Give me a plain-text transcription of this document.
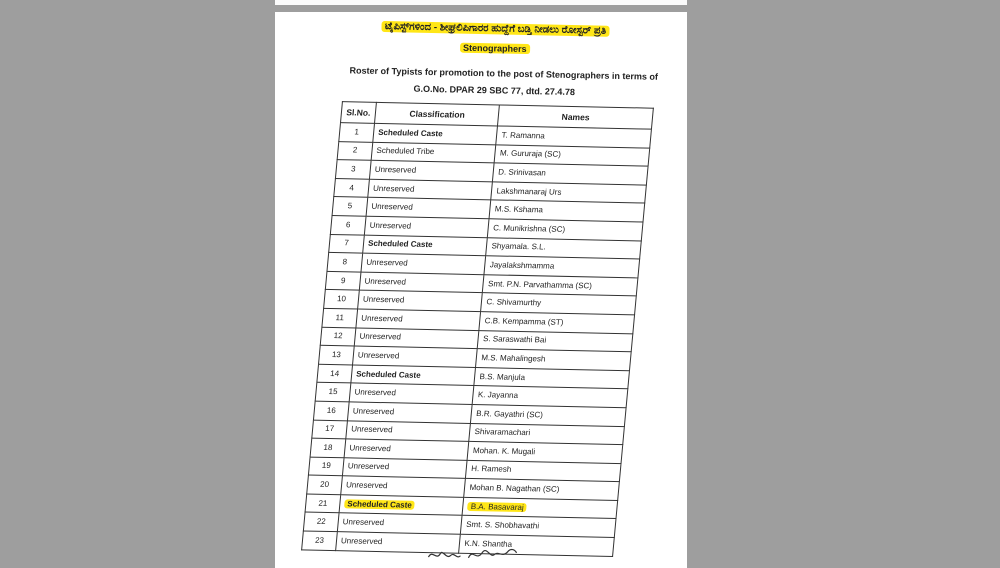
ಟೈಪಿಸ್ಟ್‌ಗಳಿಂದ - ಶೀಘ್ರಲಿಪಿಗಾರರ ಹುದ್ದೆಗೆ ಬಡ್ತಿ ನೀಡಲು ರೋಸ್ಟರ್ ಪ್ರತಿ
Stenographers
Roster of Typists for promotion to the post of Stenographers in terms of
G.O.No. DPAR 29 SBC 77, dtd. 27.4.78
Sl.No.	Classification	Names
1	Scheduled Caste	T. Ramanna
2	Scheduled Tribe	M. Gururaja (SC)
3	Unreserved	D. Srinivasan
4	Unreserved	Lakshmanaraj Urs
5	Unreserved	M.S. Kshama
6	Unreserved	C. Munikrishna (SC)
7	Scheduled Caste	Shyamala. S.L.
8	Unreserved	Jayalakshmamma
9	Unreserved	Smt. P.N. Parvathamma (SC)
10	Unreserved	C. Shivamurthy
11	Unreserved	C.B. Kempamma (ST)
12	Unreserved	S. Saraswathi Bai
13	Unreserved	M.S. Mahalingesh
14	Scheduled Caste	B.S. Manjula
15	Unreserved	K. Jayanna
16	Unreserved	B.R. Gayathri (SC)
17	Unreserved	Shivaramachari
18	Unreserved	Mohan. K. Mugali
19	Unreserved	H. Ramesh
20	Unreserved	Mohan B. Nagathan (SC)
21	Scheduled Caste	B.A. Basavaraj
22	Unreserved	Smt. S. Shobhavathi
23	Unreserved	K.N. Shantha
